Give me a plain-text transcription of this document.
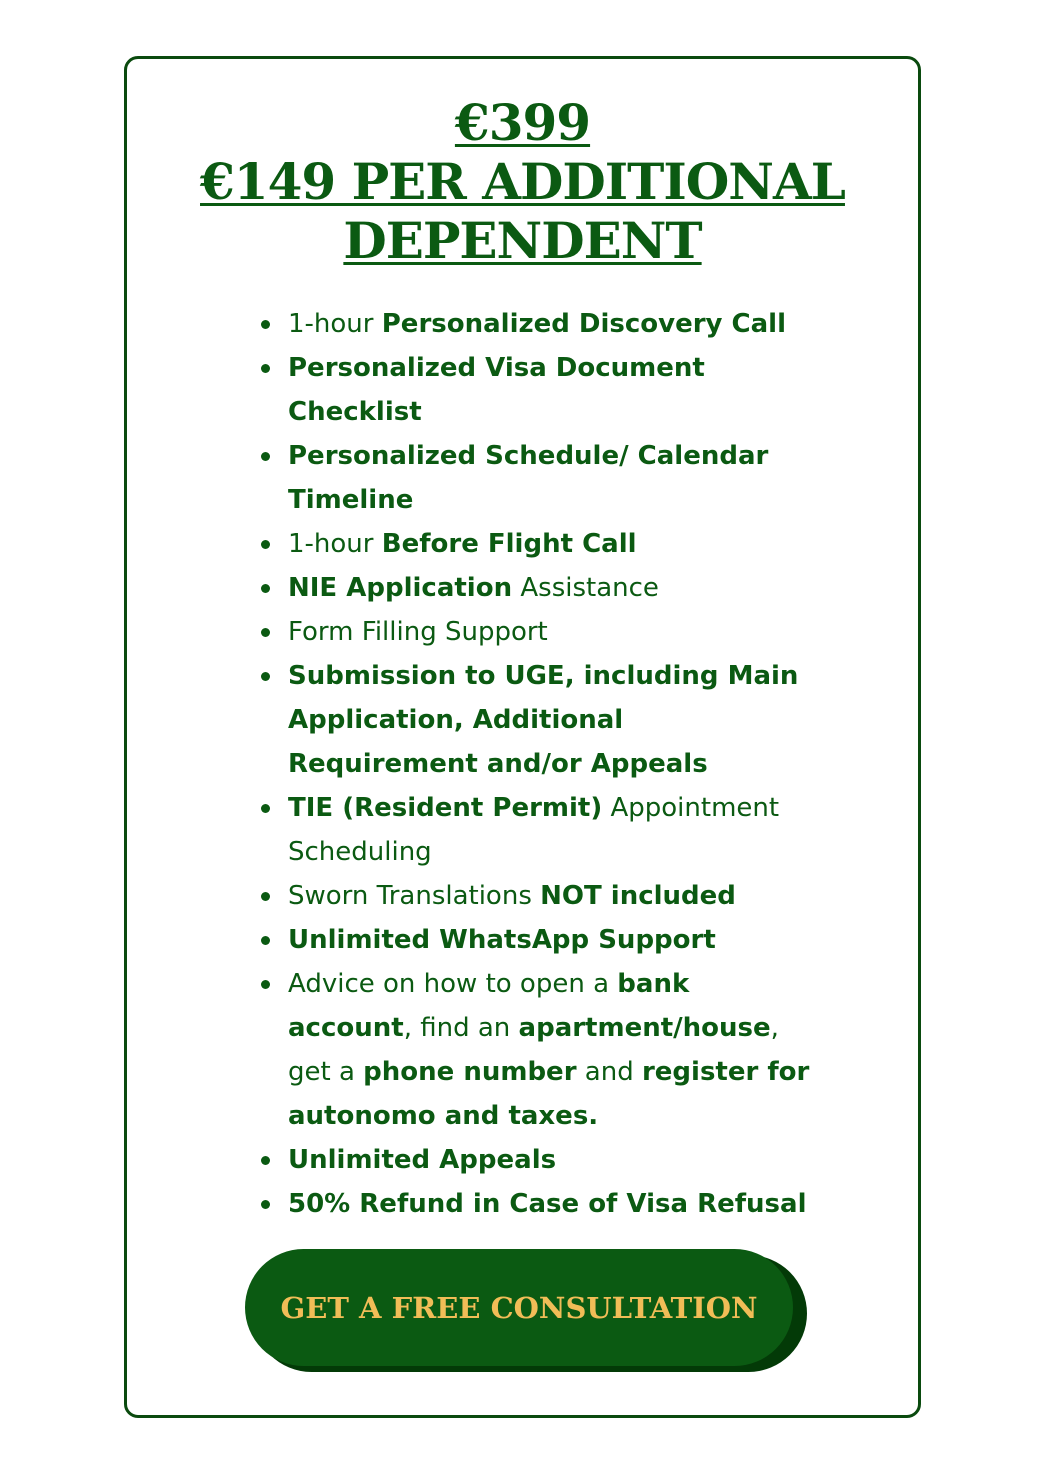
€399
€149 PER ADDITIONAL
DEPENDENT
1-hour Personalized Discovery Call
Personalized Visa Document Checklist
Personalized Schedule/ Calendar Timeline
1-hour Before Flight Call
NIE Application Assistance
Form Filling Support
Submission to UGE, including Main Application, Additional Requirement and/or Appeals
TIE (Resident Permit) Appointment Scheduling
Sworn Translations NOT included
Unlimited WhatsApp Support
Advice on how to open a bank account, find an apartment/house, get a phone number and register for autonomo and taxes.
Unlimited Appeals
50% Refund in Case of Visa Refusal
GET A FREE CONSULTATION
